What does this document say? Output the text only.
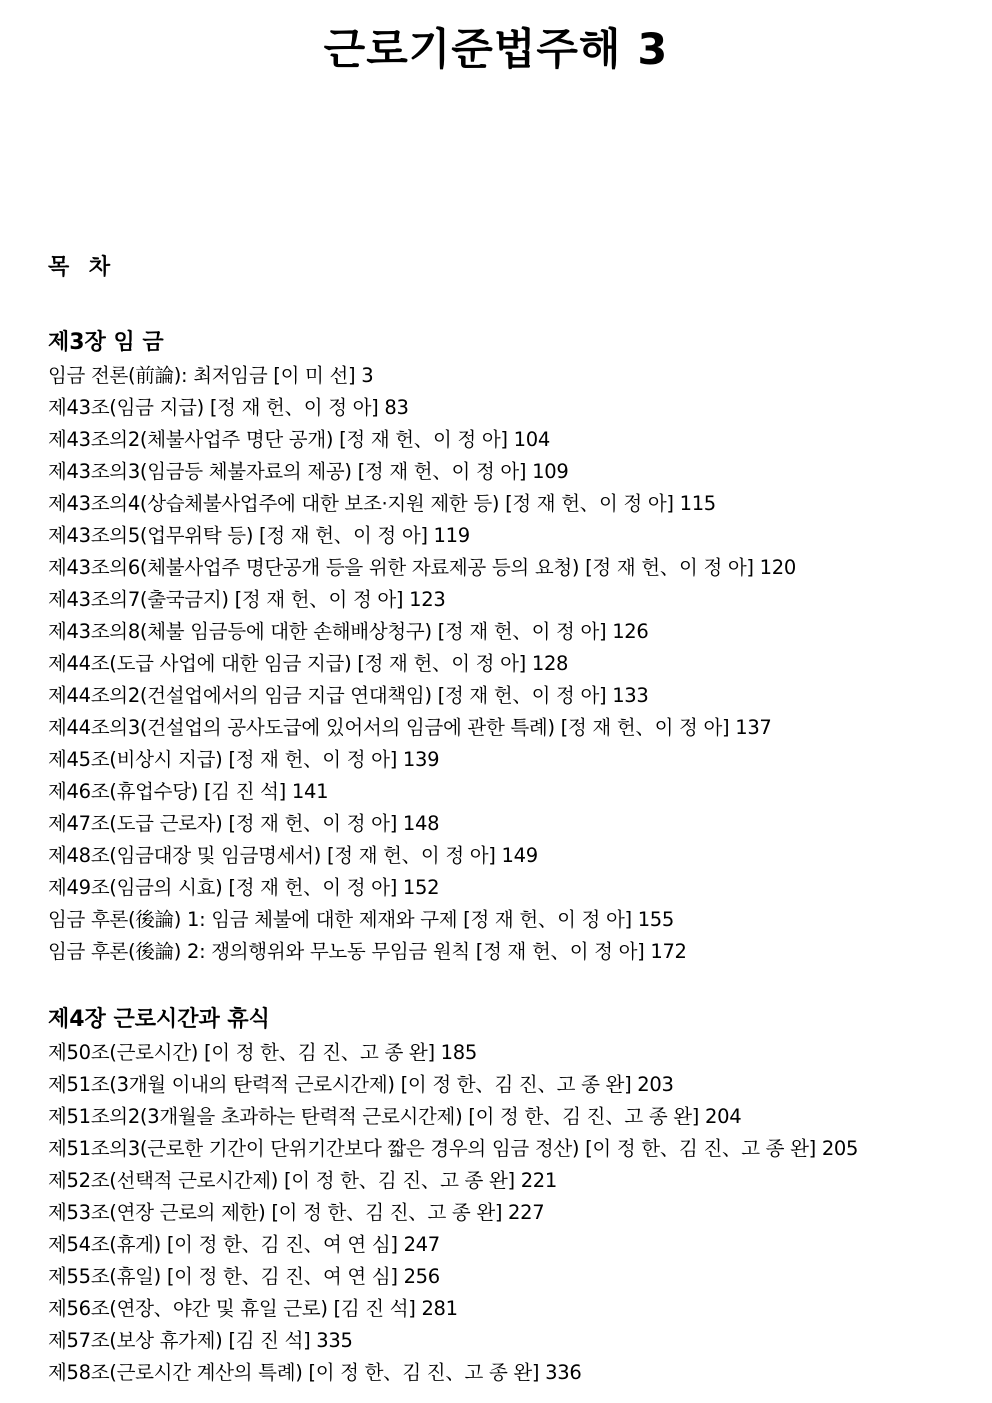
근로기준법주해 3
목 차
제3장 임 금
임금 전론(前論): 최저임금 [이 미 선] 3
제43조(임금 지급) [정 재 헌、이 정 아] 83
제43조의2(체불사업주 명단 공개) [정 재 헌、이 정 아] 104
제43조의3(임금등 체불자료의 제공) [정 재 헌、이 정 아] 109
제43조의4(상습체불사업주에 대한 보조·지원 제한 등) [정 재 헌、이 정 아] 115
제43조의5(업무위탁 등) [정 재 헌、이 정 아] 119
제43조의6(체불사업주 명단공개 등을 위한 자료제공 등의 요청) [정 재 헌、이 정 아] 120
제43조의7(출국금지) [정 재 헌、이 정 아] 123
제43조의8(체불 임금등에 대한 손해배상청구) [정 재 헌、이 정 아] 126
제44조(도급 사업에 대한 임금 지급) [정 재 헌、이 정 아] 128
제44조의2(건설업에서의 임금 지급 연대책임) [정 재 헌、이 정 아] 133
제44조의3(건설업의 공사도급에 있어서의 임금에 관한 특례) [정 재 헌、이 정 아] 137
제45조(비상시 지급) [정 재 헌、이 정 아] 139
제46조(휴업수당) [김 진 석] 141
제47조(도급 근로자) [정 재 헌、이 정 아] 148
제48조(임금대장 및 임금명세서) [정 재 헌、이 정 아] 149
제49조(임금의 시효) [정 재 헌、이 정 아] 152
임금 후론(後論) 1: 임금 체불에 대한 제재와 구제 [정 재 헌、이 정 아] 155
임금 후론(後論) 2: 쟁의행위와 무노동 무임금 원칙 [정 재 헌、이 정 아] 172
제4장 근로시간과 휴식
제50조(근로시간) [이 정 한、김 진、고 종 완] 185
제51조(3개월 이내의 탄력적 근로시간제) [이 정 한、김 진、고 종 완] 203
제51조의2(3개월을 초과하는 탄력적 근로시간제) [이 정 한、김 진、고 종 완] 204
제51조의3(근로한 기간이 단위기간보다 짧은 경우의 임금 정산) [이 정 한、김 진、고 종 완] 205
제52조(선택적 근로시간제) [이 정 한、김 진、고 종 완] 221
제53조(연장 근로의 제한) [이 정 한、김 진、고 종 완] 227
제54조(휴게) [이 정 한、김 진、여 연 심] 247
제55조(휴일) [이 정 한、김 진、여 연 심] 256
제56조(연장、야간 및 휴일 근로) [김 진 석] 281
제57조(보상 휴가제) [김 진 석] 335
제58조(근로시간 계산의 특례) [이 정 한、김 진、고 종 완] 336
